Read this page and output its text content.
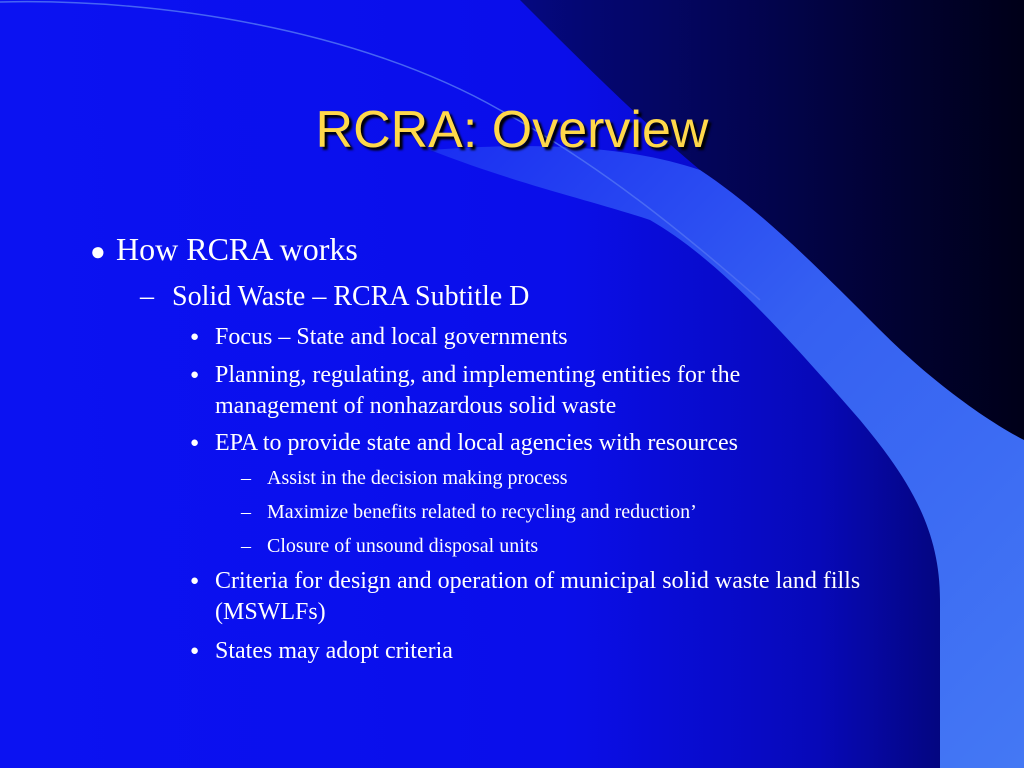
RCRA: Overview
● How RCRA works
– Solid Waste – RCRA Subtitle D
● Focus – State and local governments
● Planning, regulating, and implementing entities for the management of nonhazardous solid waste
● EPA to provide state and local agencies with resources
– Assist in the decision making process
– Maximize benefits related to recycling and reduction’
– Closure of unsound disposal units
● Criteria for design and operation of municipal solid waste land fills (MSWLFs)
● States may adopt criteria
